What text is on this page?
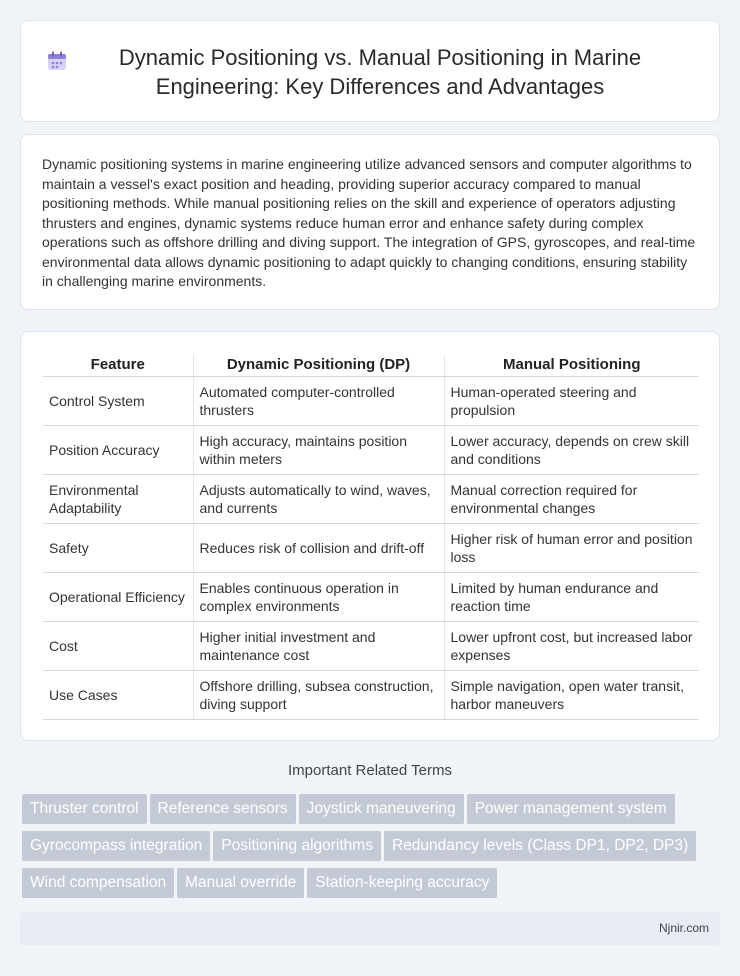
Dynamic Positioning vs. Manual Positioning in Marine Engineering: Key Differences and Advantages

Dynamic positioning systems in marine engineering utilize advanced sensors and computer algorithms to maintain a vessel's exact position and heading, providing superior accuracy compared to manual positioning methods. While manual positioning relies on the skill and experience of operators adjusting thrusters and engines, dynamic systems reduce human error and enhance safety during complex operations such as offshore drilling and diving support. The integration of GPS, gyroscopes, and real-time environmental data allows dynamic positioning to adapt quickly to changing conditions, ensuring stability in challenging marine environments.

Feature	Dynamic Positioning (DP)	Manual Positioning
Control System	Automated computer-controlled thrusters	Human-operated steering and propulsion
Position Accuracy	High accuracy, maintains position within meters	Lower accuracy, depends on crew skill and conditions
Environmental Adaptability	Adjusts automatically to wind, waves, and currents	Manual correction required for environmental changes
Safety	Reduces risk of collision and drift-off	Higher risk of human error and position loss
Operational Efficiency	Enables continuous operation in complex environments	Limited by human endurance and reaction time
Cost	Higher initial investment and maintenance cost	Lower upfront cost, but increased labor expenses
Use Cases	Offshore drilling, subsea construction, diving support	Simple navigation, open water transit, harbor maneuvers
Important Related Terms
Thruster control Reference sensors Joystick maneuvering Power management system
Gyrocompass integration Positioning algorithms Redundancy levels (Class DP1, DP2, DP3)
Wind compensation Manual override Station-keeping accuracy
Njnir.com
